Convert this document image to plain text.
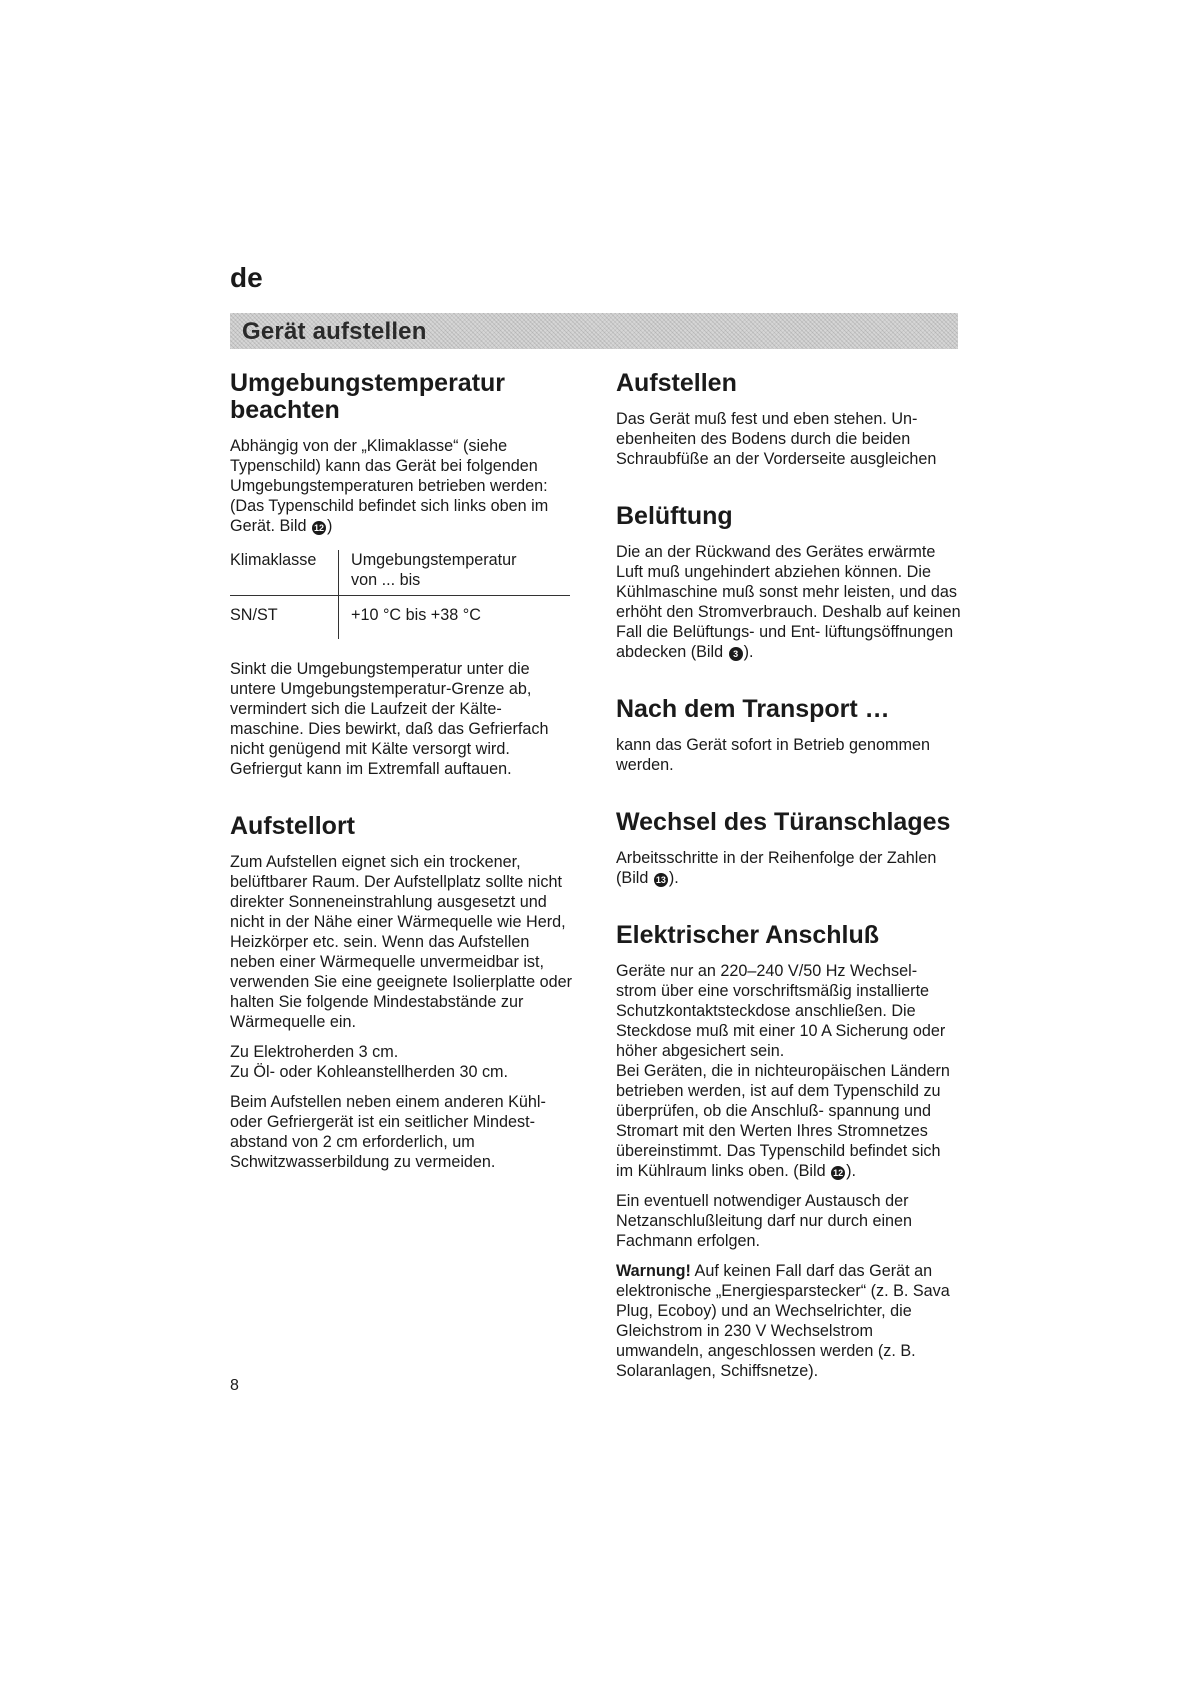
de
Gerät aufstellen
Umgebungstemperatur beachten

Abhängig von der „Klimaklasse“ (siehe Typenschild) kann das Gerät bei folgenden Umgebungstemperaturen betrieben werden: (Das Typenschild befindet sich links oben im Gerät. Bild 12 )

Klimaklasse	Umgebungstemperatur
von ... bis

SN/ST	+10 °C bis +38 °C

Sinkt die Umgebungstemperatur unter die untere Umgebungstemperatur-Grenze ab, vermindert sich die Laufzeit der Kälte- maschine. Dies bewirkt, daß das Gefrierfach nicht genügend mit Kälte versorgt wird. Gefriergut kann im Extremfall auftauen.

Aufstellort

Zum Aufstellen eignet sich ein trockener, belüftbarer Raum. Der Aufstellplatz sollte nicht direkter Sonneneinstrahlung ausgesetzt und nicht in der Nähe einer Wärmequelle wie Herd, Heizkörper etc. sein. Wenn das Aufstellen neben einer Wärmequelle unvermeidbar ist, verwenden Sie eine geeignete Isolierplatte oder halten Sie folgende Mindestabstände zur Wärmequelle ein.

Zu Elektroherden 3 cm.
Zu Öl- oder Kohleanstellherden 30 cm.

Beim Aufstellen neben einem anderen Kühl- oder Gefriergerät ist ein seitlicher Mindest- abstand von 2 cm erforderlich, um Schwitzwasserbildung zu vermeiden.

Aufstellen

Das Gerät muß fest und eben stehen. Un- ebenheiten des Bodens durch die beiden Schraubfüße an der Vorderseite ausgleichen

Belüftung

Die an der Rückwand des Gerätes erwärmte Luft muß ungehindert abziehen können. Die Kühlmaschine muß sonst mehr leisten, und das erhöht den Stromverbrauch. Deshalb auf keinen Fall die Belüftungs- und Ent- lüftungsöffnungen abdecken (Bild 3 ).

Nach dem Transport …

kann das Gerät sofort in Betrieb genommen werden.

Wechsel des Türanschlages

Arbeitsschritte in der Reihenfolge der Zahlen (Bild 13 ).

Elektrischer Anschluß

Geräte nur an 220–240 V/50 Hz Wechsel- strom über eine vorschriftsmäßig installierte Schutzkontaktsteckdose anschließen. Die Steckdose muß mit einer 10 A Sicherung oder höher abgesichert sein.

Bei Geräten, die in nichteuropäischen Ländern betrieben werden, ist auf dem Typenschild zu überprüfen, ob die Anschluß- spannung und Stromart mit den Werten Ihres Stromnetzes übereinstimmt. Das Typenschild befindet sich im Kühlraum links oben. (Bild 12 ).

Ein eventuell notwendiger Austausch der Netzanschlußleitung darf nur durch einen Fachmann erfolgen.

Warnung! Auf keinen Fall darf das Gerät an elektronische „Energiesparstecker“ (z. B. Sava Plug, Ecoboy) und an Wechselrichter, die Gleichstrom in 230 V Wechselstrom umwandeln, angeschlossen werden (z. B. Solaranlagen, Schiffsnetze).

8
